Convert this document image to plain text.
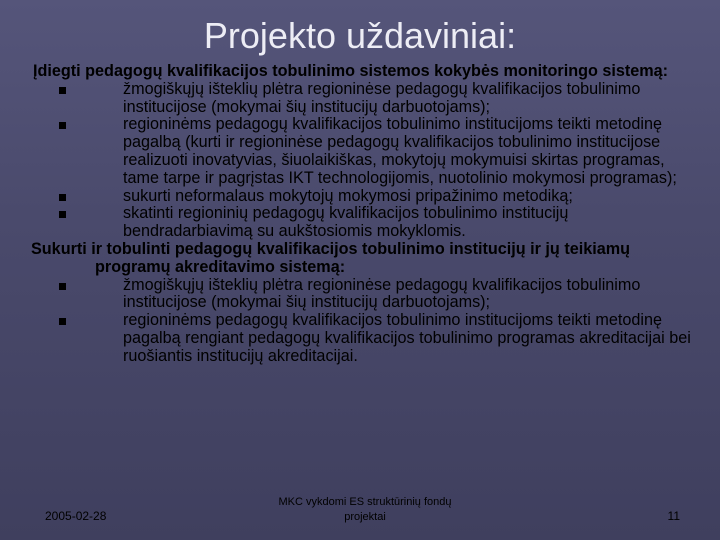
Projekto uždaviniai:

Įdiegti pedagogų kvalifikacijos tobulinimo sistemos kokybės monitoringo sistemą:

žmogiškųjų išteklių plėtra regioninėse pedagogų kvalifikacijos tobulinimo institucijose (mokymai šių institucijų darbuotojams);
regioninėms pedagogų kvalifikacijos tobulinimo institucijoms teikti metodinę pagalbą (kurti ir regioninėse pedagogų kvalifikacijos tobulinimo institucijose realizuoti inovatyvias, šiuolaikiškas, mokytojų mokymuisi skirtas programas, tame tarpe ir pagrįstas IKT technologijomis, nuotolinio mokymosi programas);
sukurti neformalaus mokytojų mokymosi pripažinimo metodiką;
skatinti regioninių pedagogų kvalifikacijos tobulinimo institucijų bendradarbiavimą su aukštosiomis mokyklomis.

Sukurti ir tobulinti pedagogų kvalifikacijos tobulinimo institucijų ir jų teikiamų programų akreditavimo sistemą:

žmogiškųjų išteklių plėtra regioninėse pedagogų kvalifikacijos tobulinimo institucijose (mokymai šių institucijų darbuotojams);
regioninėms pedagogų kvalifikacijos tobulinimo institucijoms teikti metodinę pagalbą rengiant pedagogų kvalifikacijos tobulinimo programas akreditacijai bei ruošiantis institucijų akreditacijai.
2005-02-28
MKC vykdomi ES struktūrinių fondų
projektai	11
